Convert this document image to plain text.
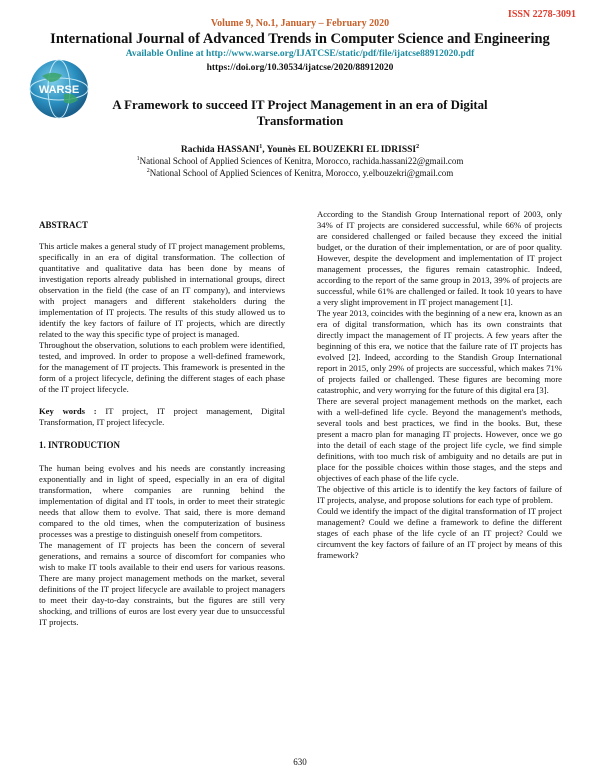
ISSN 2278-3091
Volume 9, No.1, January – February 2020
International Journal of Advanced Trends in Computer Science and Engineering
Available Online at http://www.warse.org/IJATCSE/static/pdf/file/ijatcse88912020.pdf
https://doi.org/10.30534/ijatcse/2020/88912020
WARSE
A Framework to succeed IT Project Management in an era of Digital Transformation
Rachida HASSANI$^1$, Younès EL BOUZEKRI EL IDRISSI$^2$
$^1$National School of Applied Sciences of Kenitra, Morocco, rachida.hassani22@gmail.com
$^2$National School of Applied Sciences of Kenitra, Morocco, y.elbouzekri@gmail.com

ABSTRACT

This article makes a general study of IT project management problems, specifically in an era of digital transformation. The collection of quantitative and qualitative data has been done by means of investigation reports already published in international groups, direct observation in the field (the case of an IT company), and interviews with project managers and different stakeholders during the implementation of IT projects. The results of this study allowed us to identify the key factors of failure of IT projects, which are directly related to the way this specific type of project is managed.

Throughout the observation, solutions to each problem were identified, tested, and improved. In order to propose a well-defined framework, for the management of IT projects. This framework is presented in the form of a project lifecycle, defining the different stages of each phase of the IT project lifecycle.

Key words : IT project, IT project management, Digital Transformation, IT project lifecycle.

1. INTRODUCTION

The human being evolves and his needs are constantly increasing exponentially and in light of speed, especially in an era of digital transformation, where companies are running behind the implementation of digital and IT tools, in order to meet their strategic needs that allow them to evolve. That said, there is more demand compared to the old times, when the computerization of business processes was a prestige to distinguish oneself from competitors.

The management of IT projects has been the concern of several generations, and remains a source of discomfort for companies who wish to make IT tools available to their end users for various reasons. There are many project management methods on the market, several definitions of the IT project lifecycle are available to project managers to meet their day-to-day constraints, but the figures are still very shocking, and trillions of euros are lost every year due to unsuccessful IT projects.

According to the Standish Group International report of 2003, only 34% of IT projects are considered successful, while 66% of projects are considered challenged or failed because they exceed the initial budget, or the duration of their implementation, or are of poor quality. However, despite the development and implementation of IT project management processes, the figures remain catastrophic. Indeed, according to the report of the same group in 2013, 39% of projects are successful, while 61% are challenged or failed. It took 10 years to have a very slight improvement in IT project management [1].

The year 2013, coincides with the beginning of a new era, known as an era of digital transformation, which has its own constraints that directly impact the management of IT projects. A few years after the beginning of this era, we notice that the failure rate of IT projects has evolved [2]. Indeed, according to the Standish Group International report in 2015, only 29% of projects are successful, which makes 71% of projects failed or challenged. These figures are becoming more catastrophic, and very worrying for the future of this digital era [3].

There are several project management methods on the market, each with a well-defined life cycle. Beyond the management's methods, several tools and best practices, we find in the books. But, these present a macro plan for managing IT projects. However, once we go into the detail of each stage of the project life cycle, we find simple definitions, with too much risk of ambiguity and no details are put in place for the possible choices within those stages, and the steps and objectives of each phase of the life cycle.

The objective of this article is to identify the key factors of failure of IT projects, analyse, and propose solutions for each type of problem.

Could we identify the impact of the digital transformation of IT project management? Could we define a framework to define the different stages of each phase of the life cycle of an IT project? Could we circumvent the key factors of failure of an IT project by means of this framework?

630
